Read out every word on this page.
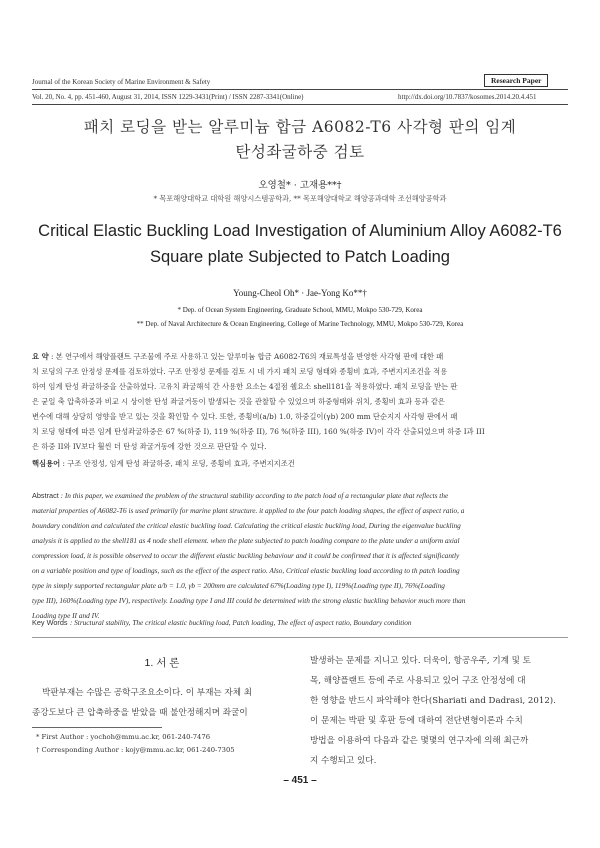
Journal of the Korean Society of Marine Environment & Safety	Research Paper
Vol. 20, No. 4, pp. 451-460, August 31, 2014, ISSN 1229-3431(Print) / ISSN 2287-3341(Online)	http://dx.doi.org/10.7837/kosomes.2014.20.4.451
패치 로딩을 받는 알루미늄 합금 A6082-T6 사각형 판의 임계
탄성좌굴하중 검토
오영철* · 고재용**†
* 목포해양대학교 대학원 해양시스템공학과, ** 목포해양대학교 해양공과대학 조선해양공학과
Critical Elastic Buckling Load Investigation of Aluminium Alloy A6082-T6
Square plate Subjected to Patch Loading
Young-Cheol Oh* · Jae-Yong Ko**†
* Dep. of Ocean System Engineering, Graduate School, MMU, Mokpo 530-729, Korea
** Dep. of Naval Architecture & Ocean Engineering, College of Marine Technology, MMU, Mokpo 530-729, Korea
요 약 : 본 연구에서 해양플랜트 구조물에 주로 사용하고 있는 알루미늄 합금 A6082-T6의 재료특성을 반영한 사각형 판에 대한 패
치 로딩의 구조 안정성 문제를 검토하였다. 구조 안정성 문제를 검토 시 네 가지 패치 로딩 형태와 종횡비 효과, 주변지지조건을 적용
하여 임계 탄성 좌굴하중을 산출하였다. 고유치 좌굴해석 간 사용한 요소는 4절점 쉘요소 shell181을 적용하였다. 패치 로딩을 받는 판
은 균일 축 압축하중과 비교 시 상이한 탄성 좌굴거동이 발생되는 것을 관찰할 수 있었으며 하중형태와 위치, 종횡비 효과 등과 같은
변수에 대해 상당히 영향을 받고 있는 것을 확인할 수 있다. 또한, 종횡비(a/b) 1.0, 하중길이(γb) 200 mm 단순지지 사각형 판에서 패
치 로딩 형태에 따른 임계 탄성좌굴하중은 67 %(하중 I), 119 %(하중 II), 76 %(하중 III), 160 %(하중 IV)이 각각 산출되었으며 하중 I과 III
은 하중 II와 IV보다 훨씬 더 탄성 좌굴거동에 강한 것으로 판단할 수 있다.
핵심용어 : 구조 안정성, 임계 탄성 좌굴하중, 패치 로딩, 종횡비 효과, 주변지지조건
Abstract : In this paper, we examined the problem of the structural stability according to the patch load of a rectangular plate that reflects the
material properties of A6082-T6 is used primarily for marine plant structure. it applied to the four patch loading shapes, the effect of aspect ratio, a
boundary condition and calculated the critical elastic buckling load. Calculating the critical elastic buckling load, During the eigenvalue buckling
analysis it is applied to the shell181 as 4 node shell element. when the plate subjected to patch loading compare to the plate under a uniform axial
compression load, it is possible observed to occur the different elastic buckling behaviour and it could be confirmed that it is affected significantly
on a variable position and type of loadings, such as the effect of the aspect ratio. Also, Critical elastic buckling load according to th patch loading
type in simply supported rectangular plate a/b = 1.0, γb = 200mm are calculated 67%(Loading type I), 119%(Loading type II), 76%(Loading
type III), 160%(Loading type IV), respectively. Loading type I and III could be determined with the strong elastic buckling behavior much more than
Loading type II and IV.
Key Words : Structural stability, The critical elastic buckling load, Patch loading, The effect of aspect ratio, Boundary condition
1. 서 론
박판부재는 수많은 공학구조요소이다. 이 부재는 자체 최
종강도보다 큰 압축하중을 받았을 때 불안정해지며 좌굴이
발생하는 문제를 지니고 있다. 더욱이, 항공우주, 기계 및 토
목, 해양플랜트 등에 주로 사용되고 있어 구조 안정성에 대
한 영향을 반드시 파악해야 한다(Shariati and Dadrasi, 2012).
이 문제는 박판 및 후판 등에 대하여 전단변형이론과 수치
방법을 이용하여 다음과 같은 몇몇의 연구자에 의해 최근까
지 수행되고 있다.
* First Author : yochoh@mmu.ac.kr, 061-240-7476
† Corresponding Author : kojy@mmu.ac.kr, 061-240-7305
– 451 –
